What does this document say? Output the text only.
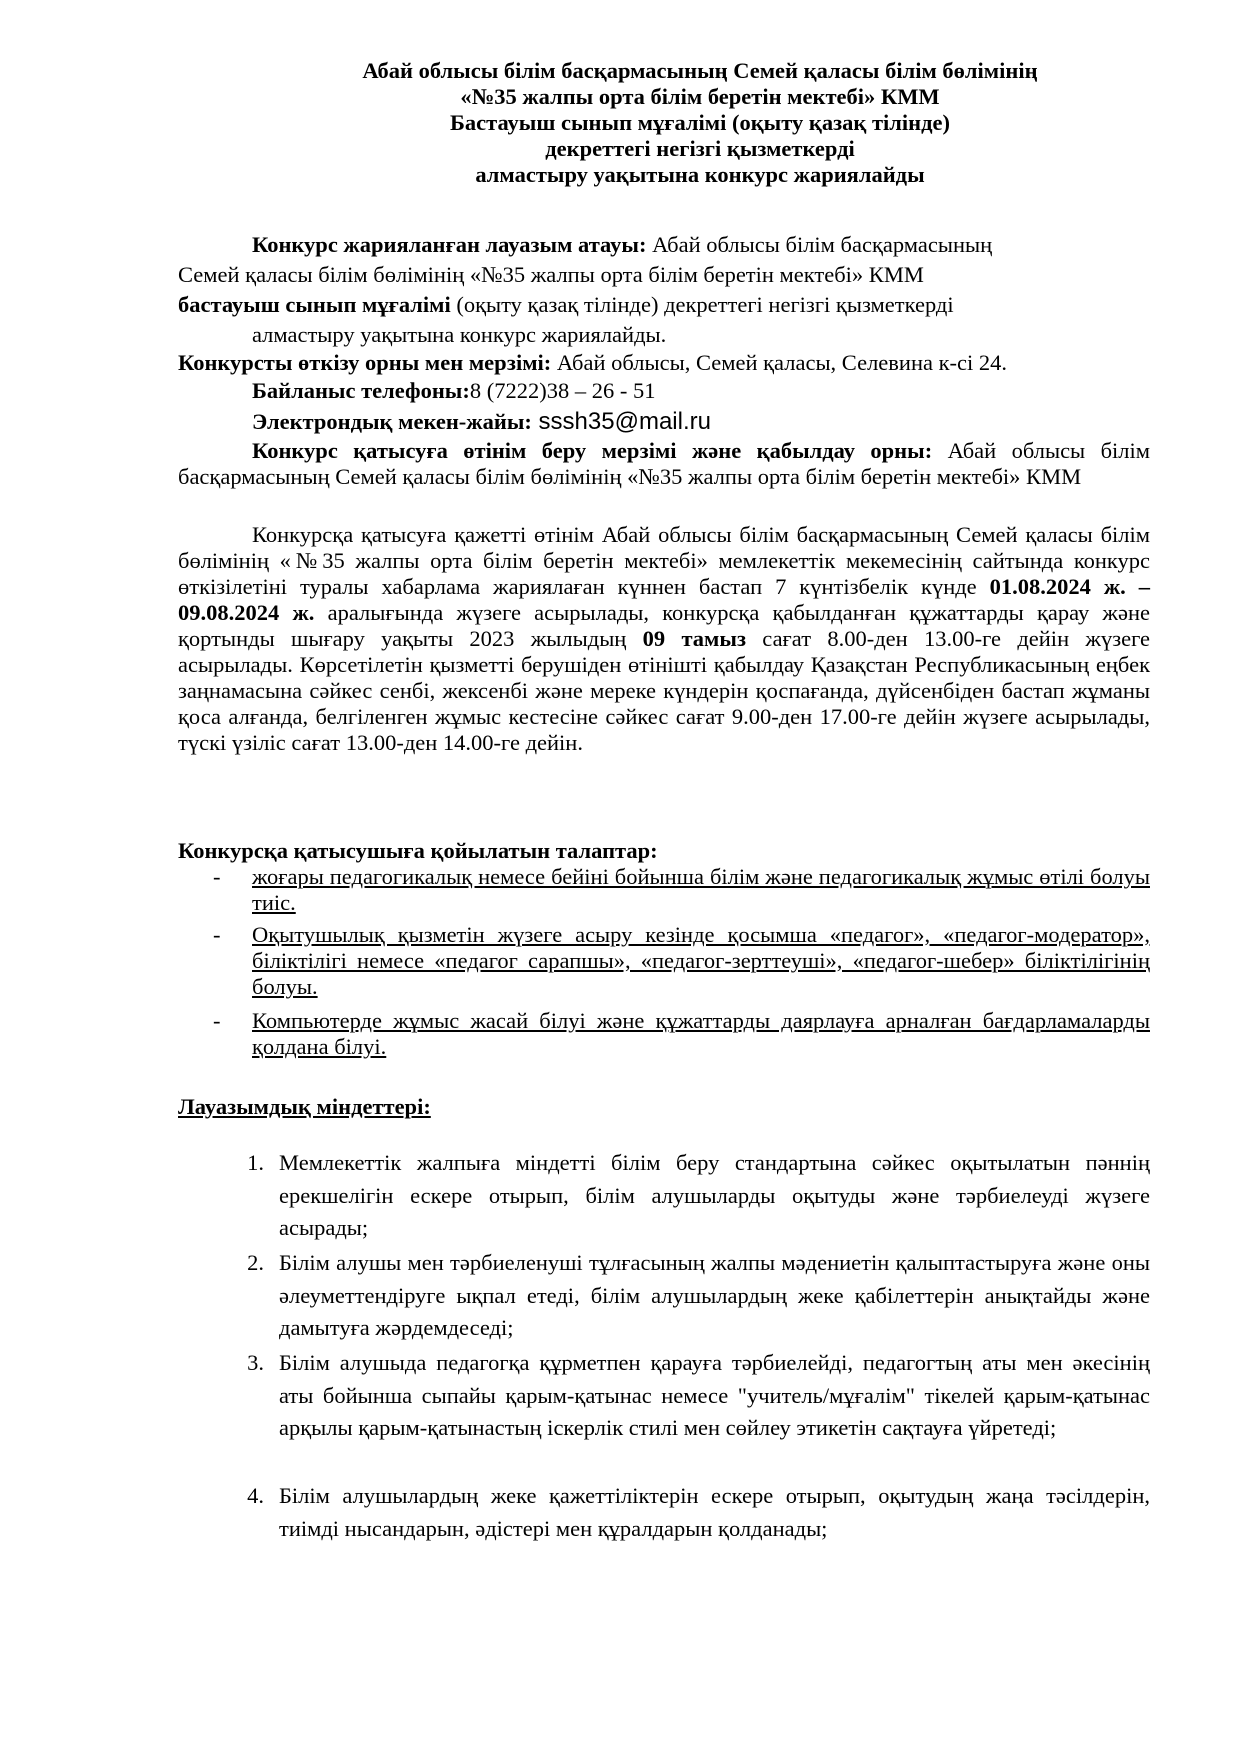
Абай облысы білім басқармасының Семей қаласы білім бөлімінің
«№35 жалпы орта білім беретін мектебі» КММ
Бастауыш сынып мұғалімі (оқыту қазақ тілінде)
декреттегі негізгі қызметкерді
алмастыру уақытына конкурс жариялайды
Конкурс жарияланған лауазым атауы: Абай облысы білім басқармасының
Семей қаласы білім бөлімінің «№35 жалпы орта білім беретін мектебі» КММ
бастауыш сынып мұғалімі (оқыту қазақ тілінде) декреттегі негізгі қызметкерді
алмастыру уақытына конкурс жариялайды.
Конкурсты өткізу орны мен мерзімі: Абай облысы, Семей қаласы, Селевина к-сі 24.
Байланыс телефоны:8 (7222)38 – 26 - 51
Электрондық мекен-жайы: sssh35@mail.ru
Конкурс қатысуға өтінім беру мерзімі және қабылдау орны: Абай облысы білім басқармасының Семей қаласы білім бөлімінің «№35 жалпы орта білім беретін мектебі» КММ
Конкурсқа қатысуға қажетті өтінім Абай облысы білім басқармасының Семей қаласы білім бөлімінің «№35 жалпы орта білім беретін мектебі» мемлекеттік мекемесінің сайтында конкурс өткізілетіні туралы хабарлама жариялаған күннен бастап 7 күнтізбелік күнде 01.08.2024 ж. – 09.08.2024 ж. аралығында жүзеге асырылады, конкурсқа қабылданған құжаттарды қарау және қортынды шығару уақыты 2023 жылыдың 09 тамыз сағат 8.00-ден 13.00-ге дейін жүзеге асырылады. Көрсетілетін қызметті берушіден өтінішті қабылдау Қазақстан Республикасының еңбек заңнамасына сәйкес сенбі, жексенбі және мереке күндерін қоспағанда, дүйсенбіден бастап жұманы қоса алғанда, белгіленген жұмыс кестесіне сәйкес сағат 9.00-ден 17.00-ге дейін жүзеге асырылады, түскі үзіліс сағат 13.00-ден 14.00-ге дейін.
Конкурсқа қатысушыға қойылатын талаптар:
- жоғары педагогикалық немесе бейіні бойынша білім және педагогикалық жұмыс өтілі болуы тиіс.
- Оқытушылық қызметін жүзеге асыру кезінде қосымша «педагог», «педагог-модератор», біліктілігі немесе «педагог сарапшы», «педагог-зерттеуші», «педагог-шебер» біліктілігінің болуы.
- Компьютерде жұмыс жасай білуі және құжаттарды даярлауға арналған бағдарламаларды қолдана білуі.
Лауазымдық міндеттері:
1. Мемлекеттік жалпыға міндетті білім беру стандартына сәйкес оқытылатын пәннің ерекшелігін ескере отырып, білім алушыларды оқытуды және тәрбиелеуді жүзеге асырады;
2. Білім алушы мен тәрбиеленуші тұлғасының жалпы мәдениетін қалыптастыруға және оны әлеуметтендіруге ықпал етеді, білім алушылардың жеке қабілеттерін анықтайды және дамытуға жәрдемдеседі;
3. Білім алушыда педагогқа құрметпен қарауға тәрбиелейді, педагогтың аты мен әкесінің аты бойынша сыпайы қарым-қатынас немесе "учитель/мұғалім" тікелей қарым-қатынас арқылы қарым-қатынастың іскерлік стилі мен сөйлеу этикетін сақтауға үйретеді;
4. Білім алушылардың жеке қажеттіліктерін ескере отырып, оқытудың жаңа тәсілдерін, тиімді нысандарын, әдістері мен құралдарын қолданады;
